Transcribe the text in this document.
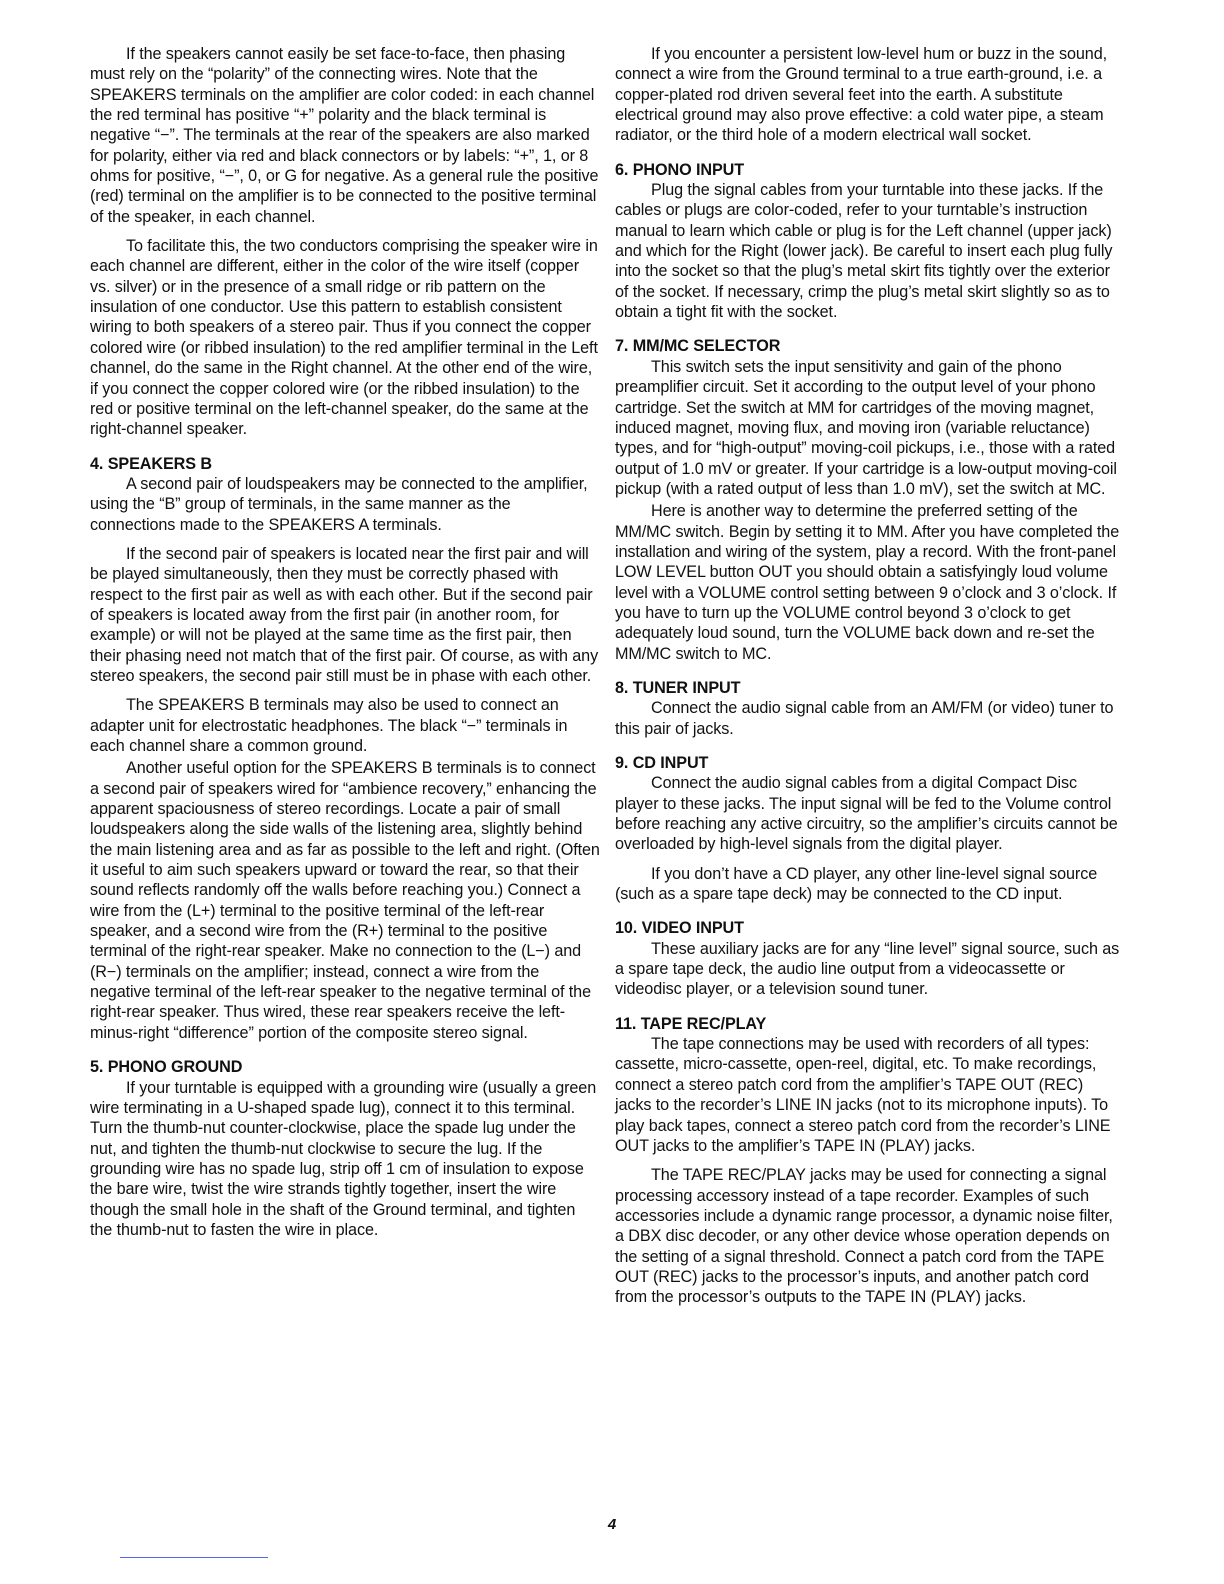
If the speakers cannot easily be set face-to-face, then phasing must rely on the “polarity” of the connecting wires. Note that the SPEAKERS terminals on the amplifier are color coded: in each channel the red terminal has positive “+” polarity and the black terminal is negative “−”. The terminals at the rear of the speakers are also marked for polarity, either via red and black connectors or by labels: “+”, 1, or 8 ohms for positive, “−”, 0, or G for negative. As a general rule the positive (red) terminal on the amplifier is to be connected to the positive terminal of the speaker, in each channel.

To facilitate this, the two conductors comprising the speaker wire in each channel are different, either in the color of the wire itself (copper vs. silver) or in the presence of a small ridge or rib pattern on the insulation of one conductor. Use this pattern to establish consistent wiring to both speakers of a stereo pair. Thus if you connect the copper colored wire (or ribbed insulation) to the red amplifier terminal in the Left channel, do the same in the Right channel. At the other end of the wire, if you connect the copper colored wire (or the ribbed insulation) to the red or positive terminal on the left-channel speaker, do the same at the right-channel speaker.

4. SPEAKERS B

A second pair of loudspeakers may be connected to the amplifier, using the “B” group of terminals, in the same manner as the connections made to the SPEAKERS A terminals.

If the second pair of speakers is located near the first pair and will be played simultaneously, then they must be correctly phased with respect to the first pair as well as with each other. But if the second pair of speakers is located away from the first pair (in another room, for example) or will not be played at the same time as the first pair, then their phasing need not match that of the first pair. Of course, as with any stereo speakers, the second pair still must be in phase with each other.

The SPEAKERS B terminals may also be used to connect an adapter unit for electrostatic headphones. The black “−” terminals in each channel share a common ground.

Another useful option for the SPEAKERS B terminals is to connect a second pair of speakers wired for “ambience recovery,” enhancing the apparent spaciousness of stereo recordings. Locate a pair of small loudspeakers along the side walls of the listening area, slightly behind the main listening area and as far as possible to the left and right. (Often it useful to aim such speakers upward or toward the rear, so that their sound reflects randomly off the walls before reaching you.) Connect a wire from the (L+) terminal to the positive terminal of the left-rear speaker, and a second wire from the (R+) terminal to the positive terminal of the right-rear speaker. Make no connection to the (L−) and (R−) terminals on the amplifier; instead, connect a wire from the negative terminal of the left-rear speaker to the negative terminal of the right-rear speaker. Thus wired, these rear speakers receive the left-minus-right “difference” portion of the composite stereo signal.

5. PHONO GROUND

If your turntable is equipped with a grounding wire (usually a green wire terminating in a U-shaped spade lug), connect it to this terminal. Turn the thumb-nut counter-clockwise, place the spade lug under the nut, and tighten the thumb-nut clockwise to secure the lug. If the grounding wire has no spade lug, strip off 1 cm of insulation to expose the bare wire, twist the wire strands tightly together, insert the wire though the small hole in the shaft of the Ground terminal, and tighten the thumb-nut to fasten the wire in place.

If you encounter a persistent low-level hum or buzz in the sound, connect a wire from the Ground terminal to a true earth-ground, i.e. a copper-plated rod driven several feet into the earth. A substitute electrical ground may also prove effective: a cold water pipe, a steam radiator, or the third hole of a modern electrical wall socket.

6. PHONO INPUT

Plug the signal cables from your turntable into these jacks. If the cables or plugs are color-coded, refer to your turntable’s instruction manual to learn which cable or plug is for the Left channel (upper jack) and which for the Right (lower jack). Be careful to insert each plug fully into the socket so that the plug’s metal skirt fits tightly over the exterior of the socket. If necessary, crimp the plug’s metal skirt slightly so as to obtain a tight fit with the socket.

7. MM/MC SELECTOR

This switch sets the input sensitivity and gain of the phono preamplifier circuit. Set it according to the output level of your phono cartridge. Set the switch at MM for cartridges of the moving magnet, induced magnet, moving flux, and moving iron (variable reluctance) types, and for “high-output” moving-coil pickups, i.e., those with a rated output of 1.0 mV or greater. If your cartridge is a low-output moving-coil pickup (with a rated output of less than 1.0 mV), set the switch at MC.

Here is another way to determine the preferred setting of the MM/MC switch. Begin by setting it to MM. After you have completed the installation and wiring of the system, play a record. With the front-panel LOW LEVEL button OUT you should obtain a satisfyingly loud volume level with a VOLUME control setting between 9 o’clock and 3 o’clock. If you have to turn up the VOLUME control beyond 3 o’clock to get adequately loud sound, turn the VOLUME back down and re-set the MM/MC switch to MC.

8. TUNER INPUT

Connect the audio signal cable from an AM/FM (or video) tuner to this pair of jacks.

9. CD INPUT

Connect the audio signal cables from a digital Compact Disc player to these jacks. The input signal will be fed to the Volume control before reaching any active circuitry, so the amplifier’s circuits cannot be overloaded by high-level signals from the digital player.

If you don’t have a CD player, any other line-level signal source (such as a spare tape deck) may be connected to the CD input.

10. VIDEO INPUT

These auxiliary jacks are for any “line level” signal source, such as a spare tape deck, the audio line output from a videocassette or videodisc player, or a television sound tuner.

11. TAPE REC/PLAY

The tape connections may be used with recorders of all types: cassette, micro-cassette, open-reel, digital, etc. To make recordings, connect a stereo patch cord from the amplifier’s TAPE OUT (REC) jacks to the recorder’s LINE IN jacks (not to its microphone inputs). To play back tapes, connect a stereo patch cord from the recorder’s LINE OUT jacks to the amplifier’s TAPE IN (PLAY) jacks.

The TAPE REC/PLAY jacks may be used for connecting a signal processing accessory instead of a tape recorder. Examples of such accessories include a dynamic range processor, a dynamic noise filter, a DBX disc decoder, or any other device whose operation depends on the setting of a signal threshold. Connect a patch cord from the TAPE OUT (REC) jacks to the processor’s inputs, and another patch cord from the processor’s outputs to the TAPE IN (PLAY) jacks.

4
